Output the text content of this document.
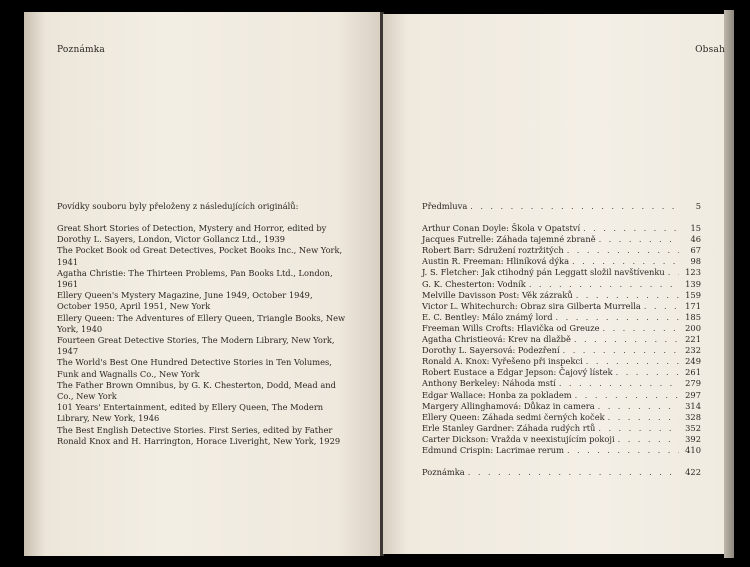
Poznámka	Obsah
Povídky souboru byly přeloženy z následujících originálů:

Great Short Stories of Detection, Mystery and Horror, edited by Dorothy L. Sayers, London, Victor Gollancz Ltd., 1939

The Pocket Book od Great Detectives, Pocket Books Inc., New York, 1941

Agatha Christie: The Thirteen Problems, Pan Books Ltd., London, 1961

Ellery Queen's Mystery Magazine, June 1949, October 1949, October 1950, April 1951, New York

Ellery Queen: The Adventures of Ellery Queen, Triangle Books, New York, 1940

Fourteen Great Detective Stories, The Modern Library, New York, 1947

The World's Best One Hundred Detective Stories in Ten Volumes, Funk and Wagnalls Co., New York

The Father Brown Omnibus, by G. K. Chesterton, Dodd, Mead and Co., New York

101 Years' Entertainment, edited by Ellery Queen, The Modern Library, New York, 1946

The Best English Detective Stories. First Series, edited by Father Ronald Knox and H. Harrington, Horace Liveright, New York, 1929

Předmluva . . .	5
Arthur Conan Doyle: Škola v Opatství . . .	15
Jacques Futrelle: Záhada tajemné zbraně . . .	46
Robert Barr: Sdružení roztržitých . . .	67
Austin R. Freeman: Hliníková dýka . . .	98
J. S. Fletcher: Jak ctihodný pán Leggatt složil navštívenku . . .	123
G. K. Chesterton: Vodník . . .	139
Melville Davisson Post: Věk zázraků . . .	159
Victor L. Whitechurch: Obraz sira Gilberta Murrella . . .	171
E. C. Bentley: Málo známý lord . . .	185
Freeman Wills Crofts: Hlavička od Greuze . . .	200
Agatha Christieová: Krev na dlažbě . . .	221
Dorothy L. Sayersová: Podezření . . .	232
Ronald A. Knox: Vyřešeno při inspekci . . .	249
Robert Eustace a Edgar Jepson: Čajový lístek . . .	261
Anthony Berkeley: Náhoda mstí . . .	279
Edgar Wallace: Honba za pokladem . . .	297
Margery Allinghamová: Důkaz in camera . . .	314
Ellery Queen: Záhada sedmi černých koček . . .	328
Erle Stanley Gardner: Záhada rudých rtů . . .	352
Carter Dickson: Vražda v neexistujícím pokoji . . .	392
Edmund Crispin: Lacrimae rerum . . .	410
Poznámka . . .	422
